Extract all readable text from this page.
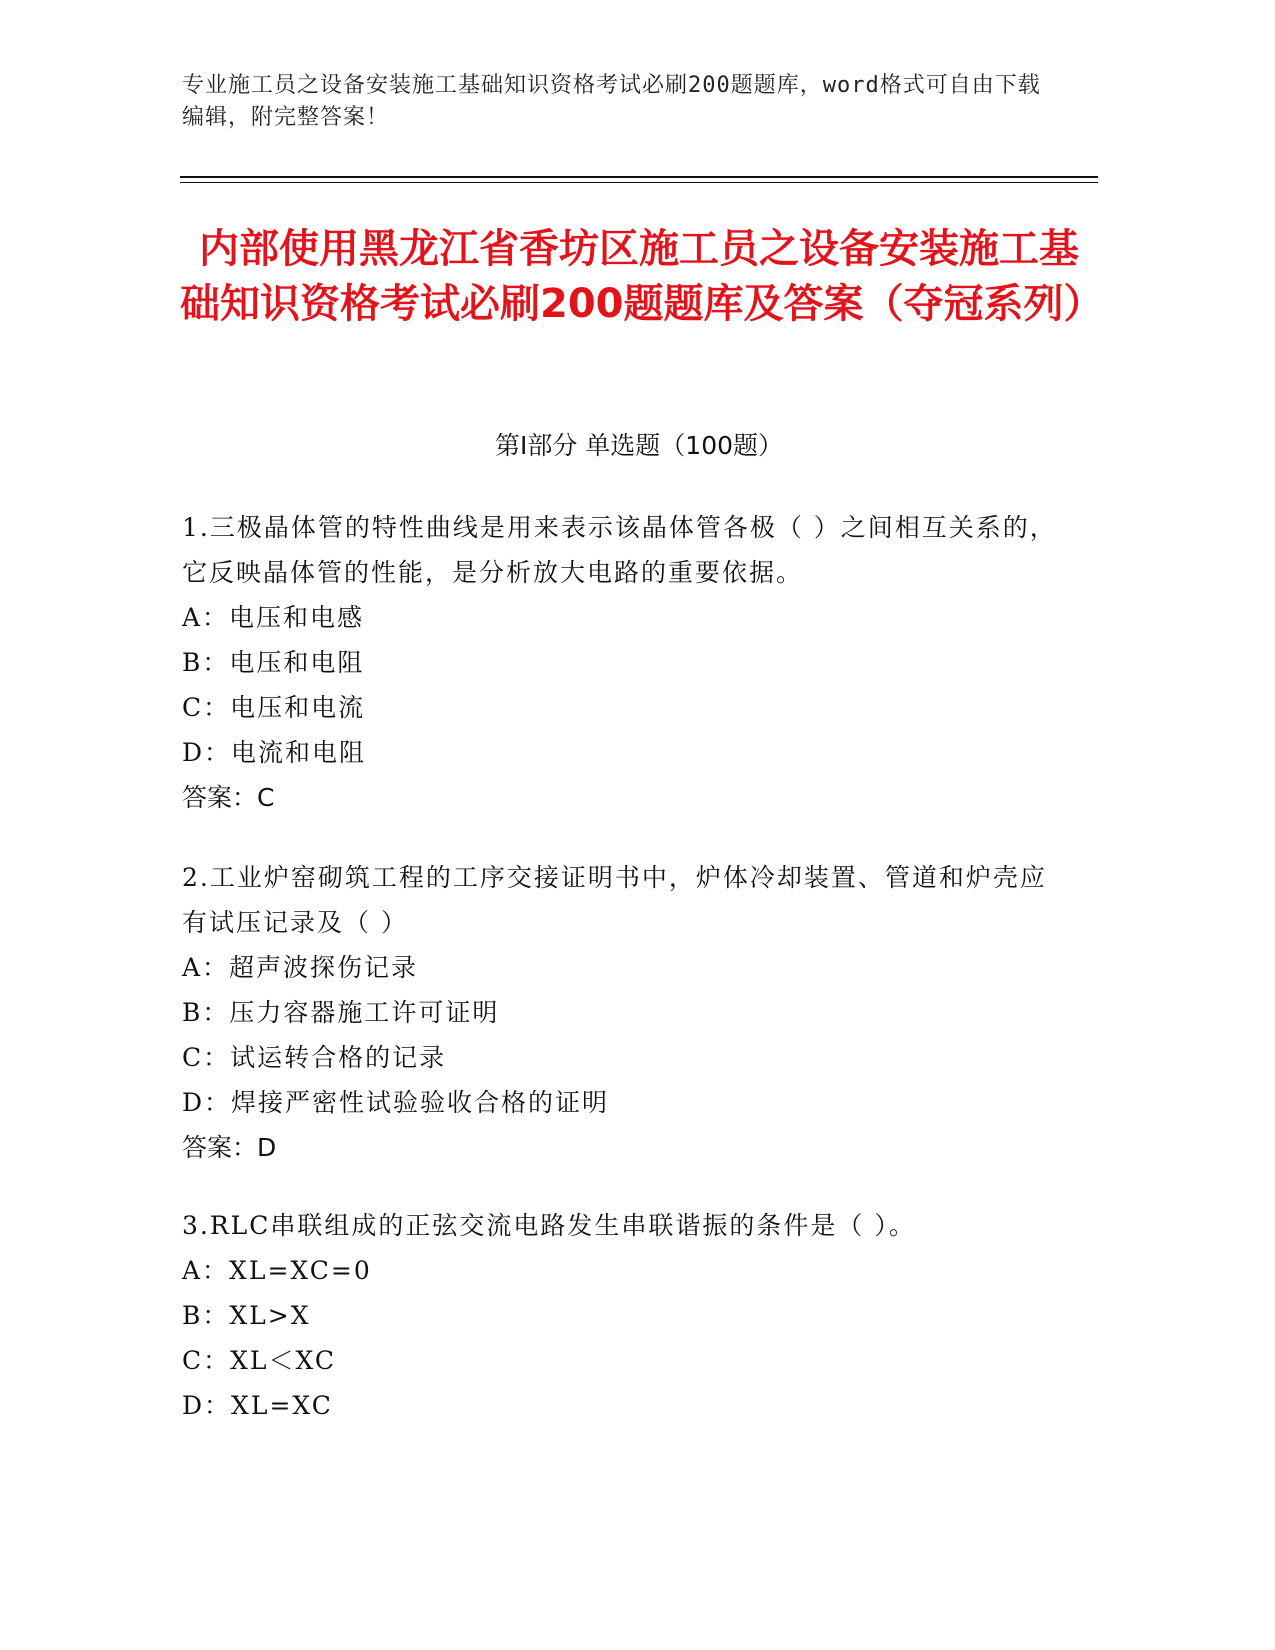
专业施工员之设备安装施工基础知识资格考试必刷200题题库，word格式可自由下载编辑，附完整答案！
内部使用黑龙江省香坊区施工员之设备安装施工基础知识资格考试必刷200题题库及答案（夺冠系列）
第I部分 单选题（100题）
1.三极晶体管的特性曲线是用来表示该晶体管各极（ ）之间相互关系的，它反映晶体管的性能，是分析放大电路的重要依据。
A：电压和电感
B：电压和电阻
C：电压和电流
D：电流和电阻
答案：C
2.工业炉窑砌筑工程的工序交接证明书中，炉体冷却装置、管道和炉壳应有试压记录及（ ）
A：超声波探伤记录
B：压力容器施工许可证明
C：试运转合格的记录
D：焊接严密性试验验收合格的证明
答案：D
3.RLC串联组成的正弦交流电路发生串联谐振的条件是（ ）。
A：XL=XC=0
B：XL>X
C：XL＜XC
D：XL=XC
